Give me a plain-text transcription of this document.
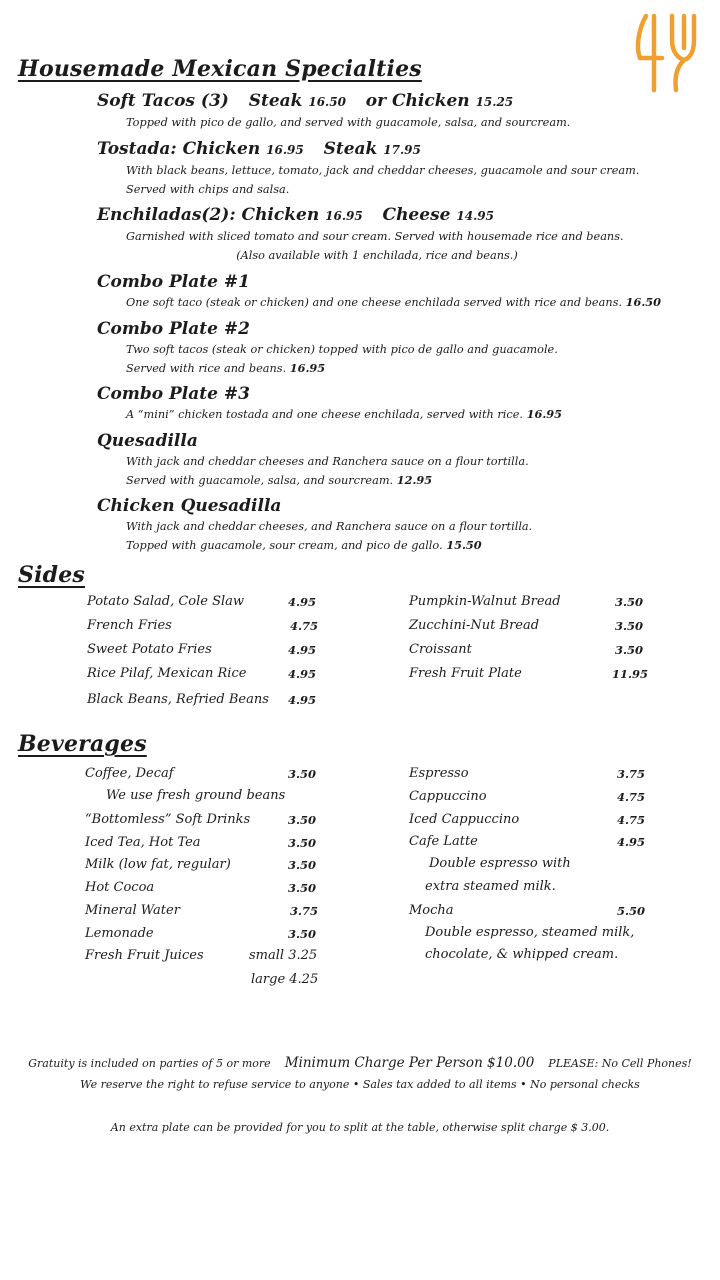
Housemade Mexican Specialties
Soft Tacos (3) Steak 16.50 or Chicken 15.25
Topped with pico de gallo, and served with guacamole, salsa, and sourcream.
Tostada: Chicken 16.95 Steak 17.95
With black beans, lettuce, tomato, jack and cheddar cheeses, guacamole and sour cream.
Served with chips and salsa.
Enchiladas(2): Chicken 16.95 Cheese 14.95
Garnished with sliced tomato and sour cream. Served with housemade rice and beans.
(Also available with 1 enchilada, rice and beans.)
Combo Plate #1
One soft taco (steak or chicken) and one cheese enchilada served with rice and beans. 16.50
Combo Plate #2
Two soft tacos (steak or chicken) topped with pico de gallo and guacamole.
Served with rice and beans. 16.95
Combo Plate #3
A “mini” chicken tostada and one cheese enchilada, served with rice. 16.95
Quesadilla
With jack and cheddar cheeses and Ranchera sauce on a flour tortilla.
Served with guacamole, salsa, and sourcream. 12.95
Chicken Quesadilla
With jack and cheddar cheeses, and Ranchera sauce on a flour tortilla.
Topped with guacamole, sour cream, and pico de gallo. 15.50
Sides
Potato Salad, Cole Slaw	4.95
French Fries	4.75
Sweet Potato Fries	4.95
Rice Pilaf, Mexican Rice	4.95
Black Beans, Refried Beans 4.95
Pumpkin-Walnut Bread	3.50
Zucchini-Nut Bread	3.50
Croissant	3.50
Fresh Fruit Plate	11.95
Beverages
Coffee, Decaf	3.50
We use fresh ground beans
“Bottomless” Soft Drinks	3.50
Iced Tea, Hot Tea	3.50
Milk (low fat, regular)	3.50
Hot Cocoa	3.50
Mineral Water	3.75
Lemonade	3.50
Fresh Fruit Juices	small 3.25
large 4.25
Espresso	3.75
Cappuccino	4.75
Iced Cappuccino	4.75
Cafe Latte	4.95
Double espresso with
extra steamed milk.
Mocha	5.50
Double espresso, steamed milk,
chocolate, & whipped cream.
Gratuity is included on parties of 5 or more Minimum Charge Per Person $10.00 PLEASE: No Cell Phones!
We reserve the right to refuse service to anyone • Sales tax added to all items • No personal checks
An extra plate can be provided for you to split at the table, otherwise split charge $ 3.00.
